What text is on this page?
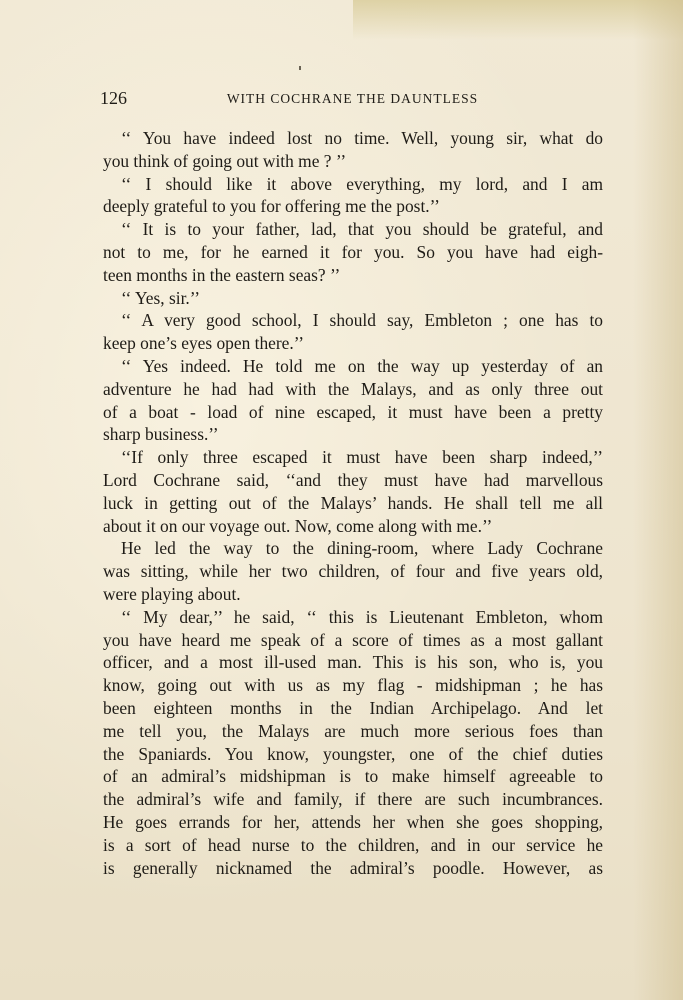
126	WITH COCHRANE THE DAUNTLESS
‘‘ You have indeed lost no time. Well, young sir, what do
you think of going out with me ? ’’
‘‘ I should like it above everything, my lord, and I am
deeply grateful to you for offering me the post.’’
‘‘ It is to your father, lad, that you should be grateful, and
not to me, for he earned it for you. So you have had eigh-
teen months in the eastern seas? ’’
‘‘ Yes, sir.’’
‘‘ A very good school, I should say, Embleton ; one has to
keep one’s eyes open there.’’
‘‘ Yes indeed. He told me on the way up yesterday of an
adventure he had had with the Malays, and as only three out
of a boat - load of nine escaped, it must have been a pretty
sharp business.’’
‘‘If only three escaped it must have been sharp indeed,’’
Lord Cochrane said, ‘‘and they must have had marvellous
luck in getting out of the Malays’ hands. He shall tell me all
about it on our voyage out. Now, come along with me.’’
He led the way to the dining-room, where Lady Cochrane
was sitting, while her two children, of four and five years old,
were playing about.
‘‘ My dear,’’ he said, ‘‘ this is Lieutenant Embleton, whom
you have heard me speak of a score of times as a most gallant
officer, and a most ill-used man. This is his son, who is, you
know, going out with us as my flag - midshipman ; he has
been eighteen months in the Indian Archipelago. And let
me tell you, the Malays are much more serious foes than
the Spaniards. You know, youngster, one of the chief duties
of an admiral’s midshipman is to make himself agreeable to
the admiral’s wife and family, if there are such incumbrances.
He goes errands for her, attends her when she goes shopping,
is a sort of head nurse to the children, and in our service he
is generally nicknamed the admiral’s poodle. However, as
